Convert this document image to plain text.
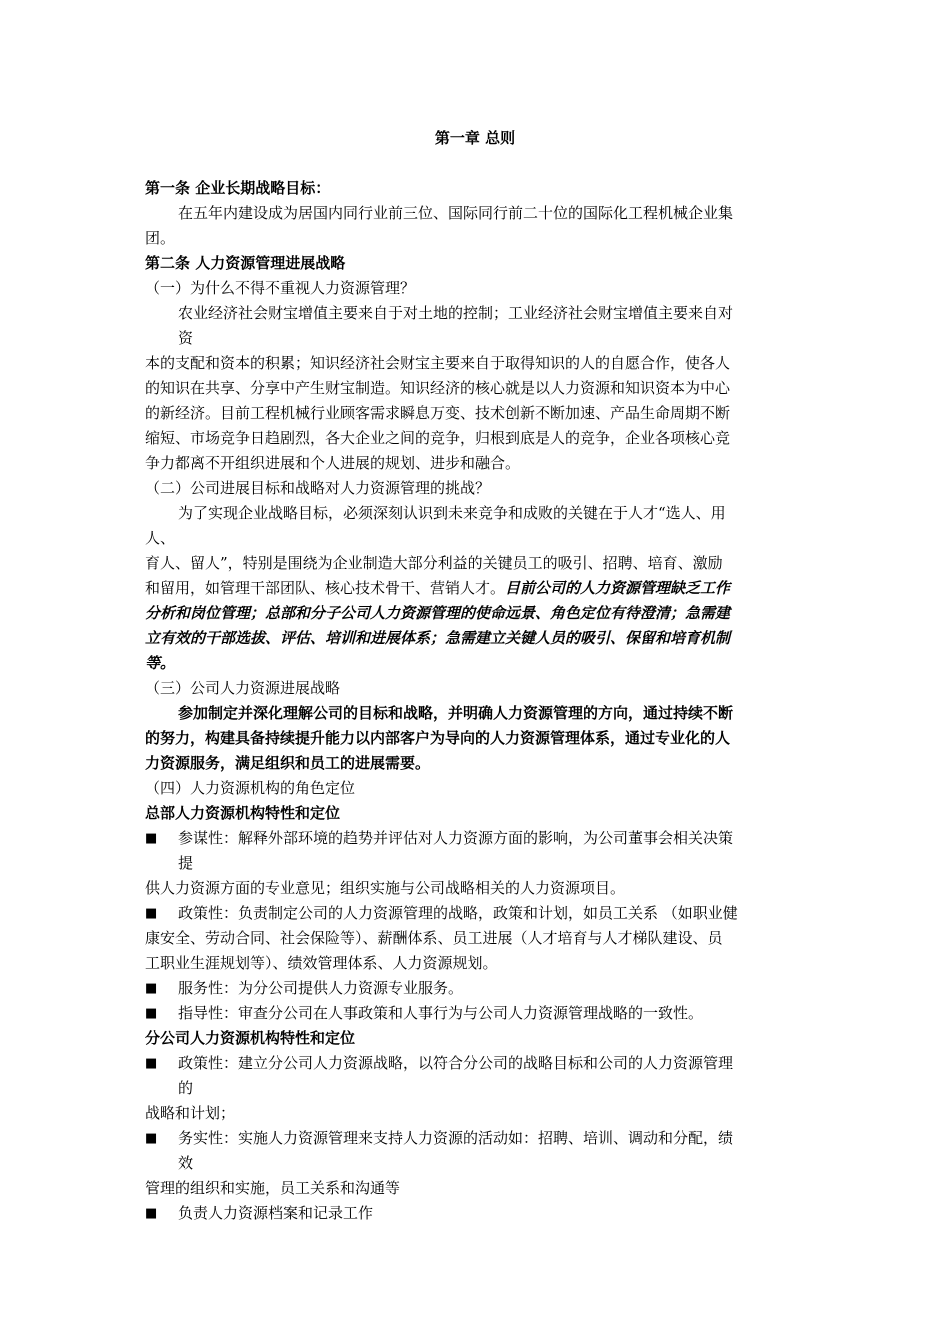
第一章 总则
第一条 企业长期战略目标：
在五年内建设成为居国内同行业前三位、国际同行前二十位的国际化工程机械企业集
团。
第二条 人力资源管理进展战略
（一）为什么不得不重视人力资源管理？
农业经济社会财宝增值主要来自于对土地的控制；工业经济社会财宝增值主要来自对
资
本的支配和资本的积累；知识经济社会财宝主要来自于取得知识的人的自愿合作，使各人
的知识在共享、分享中产生财宝制造。知识经济的核心就是以人力资源和知识资本为中心
的新经济。目前工程机械行业顾客需求瞬息万变、技术创新不断加速、产品生命周期不断
缩短、市场竞争日趋剧烈，各大企业之间的竞争，归根到底是人的竞争，企业各项核心竞
争力都离不开组织进展和个人进展的规划、进步和融合。
（二）公司进展目标和战略对人力资源管理的挑战？
为了实现企业战略目标，必须深刻认识到未来竞争和成败的关键在于人才“选人、用
人、
育人、留人”，特别是围绕为企业制造大部分利益的关键员工的吸引、招聘、培育、激励
和留用，如管理干部团队、核心技术骨干、营销人才。目前公司的人力资源管理缺乏工作
分析和岗位管理；总部和分子公司人力资源管理的使命远景、角色定位有待澄清；急需建
立有效的干部选拔、评估、培训和进展体系；急需建立关键人员的吸引、保留和培育机制
等。
（三）公司人力资源进展战略
参加制定并深化理解公司的目标和战略，并明确人力资源管理的方向，通过持续不断
的努力，构建具备持续提升能力以内部客户为导向的人力资源管理体系，通过专业化的人
力资源服务，满足组织和员工的进展需要。
（四）人力资源机构的角色定位
总部人力资源机构特性和定位
■ 参谋性：解释外部环境的趋势并评估对人力资源方面的影响，为公司董事会相关决策
提
供人力资源方面的专业意见；组织实施与公司战略相关的人力资源项目。
■ 政策性：负责制定公司的人力资源管理的战略，政策和计划，如员工关系 （如职业健
康安全、劳动合同、社会保险等）、薪酬体系、员工进展（人才培育与人才梯队建设、员
工职业生涯规划等）、绩效管理体系、人力资源规划。
■ 服务性：为分公司提供人力资源专业服务。
■ 指导性：审查分公司在人事政策和人事行为与公司人力资源管理战略的一致性。
分公司人力资源机构特性和定位
■ 政策性：建立分公司人力资源战略，以符合分公司的战略目标和公司的人力资源管理
的
战略和计划；
■ 务实性：实施人力资源管理来支持人力资源的活动如：招聘、培训、调动和分配，绩
效
管理的组织和实施，员工关系和沟通等
■ 负责人力资源档案和记录工作
